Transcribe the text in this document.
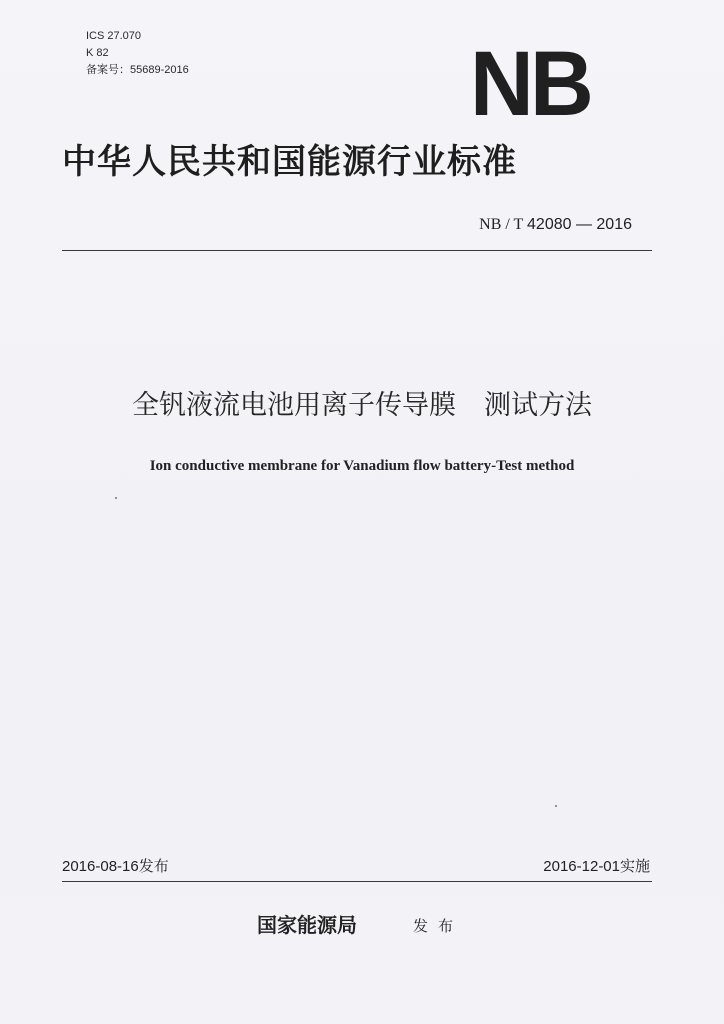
ICS 27.070
K 82
备案号：55689-2016	NB
中华人民共和国能源行业标准
NB / T 42080 — 2016
全钒液流电池用离子传导膜 测试方法
Ion conductive membrane for Vanadium flow battery-Test method
2016-08-16发布	2016-12-01实施
国家能源局	发布
